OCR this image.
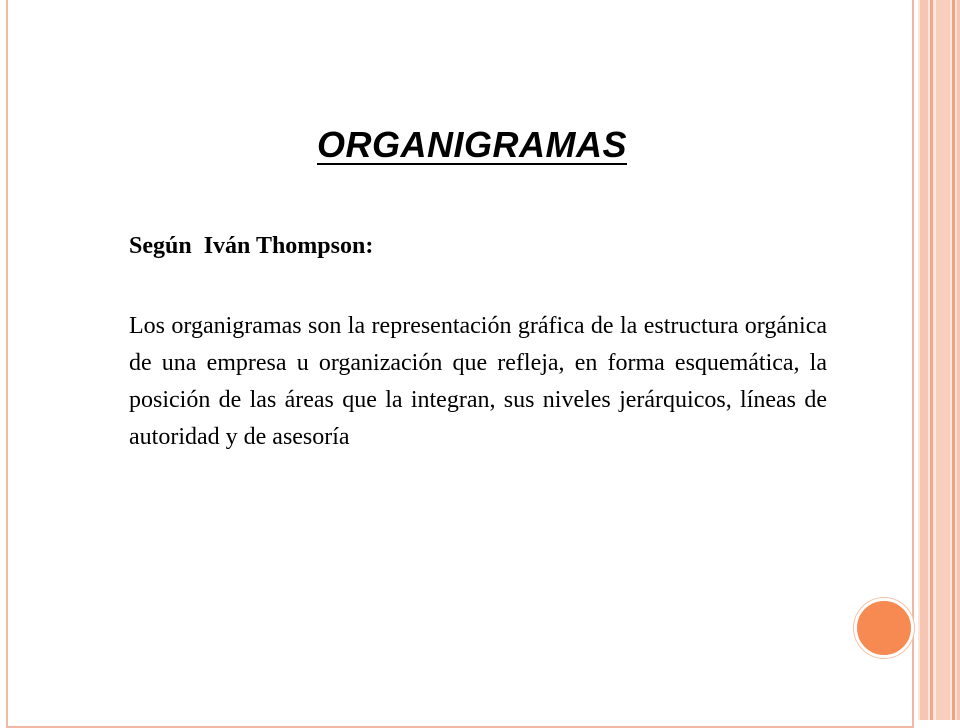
ORGANIGRAMAS

Según  Iván Thompson:

Los organigramas son la representación gráfica de la estructura orgánica de una empresa u organización que refleja, en forma esquemática, la posición de las áreas que la integran, sus niveles jerárquicos, líneas de autoridad y de asesoría
